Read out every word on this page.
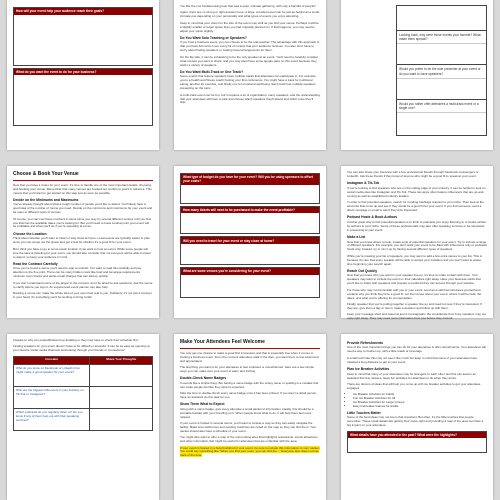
How will your event help your audience reach their goals?
What do you want the event to do for your business?

You like the one fundamental group that was a quiet, intimate gathering, with only a handful of people?

Again, there are no wrong or right answers here. A large, crowded event can be just as helpful as a small, intimate one depending on your personality and what types of events you enjoy attending.

Keep in mind that your vision for the size of the event may shift as you find your venue. Perhaps it will be a slightly smaller or larger space than you had originally planned on. If that happens, you may need to adjust your vision slightly.

Do You Want Solo Teaching or Speakers?

If you host a business event, you can choose to be the solo teacher. The advantage with this approach is that you have full control over every bit of content that your audience receives. You also don't have to worry about finding speakers or making travel arrangements for them.

On the flip side, it can be exhausting to be the only speaker at an event. You'll need to carefully consider what content you want to share, and you may want have some people pass on this event because they prefer a variety of speakers.

Do You Want Multi-Track or One Track?

Some events that feature speakers have multiple tracks that attendees can participate in. For example, you're a health and fitness coach hosting your first conference. You might have a track for nutritional eating, another for exercise, and finally one for emotional well-being. Each track has multiple speakers presenting on the topic.

A multi-track event can be fun, but it requires a lot of organization, many speakers, and the understanding that your attendees will have to pick and choose which speakers they'll attend and which ones they'll skip.

Looking back, why were those events your favorite? What made them special?
Would you prefer to be the sole presenter at your event or do you want to have speakers?
Would you rather offer attendees a multi-track event or a single one?
Choose & Book Your Venue

Now that you have a vision for your event, it's time to handle one of the most important details: choosing and booking your venue. Remember that many venues are booked out months to years in advance. This means that you'll want to get started on this step just as soon as possible.

Decide on the Minimums and Maximums

You've already thought about what a rough number of people you'd like to attend. You'll likely have a good idea of the number of rooms you need. Decide on the minimums and maximums for your event and be open to different types of venues.

Of course, you can't set these numbers in stone since you may try several different venues until you find one that has the available dates you're looking for. But you'll need to know at what point your event will be profitable and what you'll do if you're operating at a loss.

Choose the Location

Think about whether you'll want to travel or stay close at home. Local events are typically easier to plan since you can scope out the space and get a feel for whether it's a good fit for your event.

But I think you have to go to some exotic location if you want to host an event. While some people will love the idea of traveling for your event, you should also consider that not everyone will be able to travel to attend, so keep your audience in mind.

Read the Contract Carefully

Once you've found a venue you'll need to sign a contract. You want to read this carefully and pay attention to the fine print. There can be many hidden costs like food and beverage requirements, minimum room blocks and audio-visual charges that can add up quickly.

If you don't understand some of the jargon in the contract, don't be afraid to ask questions. Ask the venue to clarify before you sign it. An experienced event planner can also help.

Booking a venue can make the whole idea of your event feel real to you. Suddenly, it's not just a concept in your head, it's something you'll be working to bring to life!

What type of budget do you have for your event? Will you be using sponsors to offset your costs?
How many tickets will need to be purchased to make the event profitable?
Will you need to travel for your event or stay close at home?
What are some venues you're considering for your event?

You can also share your interview with a few professional friends through Facebook messengers or LinkedIn. Ask these friends if they know of anyone who might be a good fit to speak at your event.

Instagram & Tik-Tok

If you're looking to find speakers who are on the cutting edge of your industry, it can be helpful to look on social media sites like Instagram and Tik-Tok. These two apps often feature influencers that are up-and-coming as well as established industry leaders.

In order to find potential speakers, search for trending hashtags relevant to your niche. Then look at the accounts that come up and see if they would be a good fit for your event. If you find someone, send a direct message or email to ask if they'd be interested.

Podcast Hosts & Book Authors

Another great way to find potential speakers is to think of podcasts you enjoy listening to or books written by authors in your niche. Some of these professionals may also offer speaking services or be interested in presenting at your event.

Make a List

Now that you know where to look, create a list of potential speakers for your event. Try to include a range of different speakers. For example, you don't want your event to be filled with influencers only or podcasts hosts only. Instead, try to mix it up by having several different types of speakers.

While you're creating your list of speakers, you may want to add a few extra names to your list. This is because it's rare that every speaker will be able to accept your invitation and you won't want to waste time beginning your search again.

Reach Out Quickly

Now that you know who you want in your speaker line-up, it's time to make contact with them. Your speakers may want to include the event on their calendars right away. Have your business cards that you'd like to share with speakers and prepare a media kit they can access through your website.

For those who may not be familiar with you or your event, send an email that introduces yourself and explains why you think they'd be a good fit. Let them know about your event, where it will be held, the dates, and what you're offering for compensation.

Finally, speaker that you're putting together a speaker line up and need to know if they're interested. If they are, give them a day or two to make a decision and follow up with them.

Keep your message short and sweet at just 2-3 paragraphs. Be considerate from busy speakers may not reply right away. They may need more information from you before they commit.

Instead on why you posted/followed up detailing or they may have to check their schedule first.

Finding speakers for your event doesn't have to be difficult or stressful. It can be as easy as opening up your favorite social media channels and looking through your friends or connections!

Consider	Share Your Thoughts
Who do you know on Facebook or LinkedIn that might make a good speaker for your event?	
Who are the biggest influencers in your industry on Tik-Tok or Instagram?	
Which podcasts do you regularly listen to? Do you know if any of them help out with their speaking services?	
Make Your Attendees Feel Welcome

You only get one chance to make a good first impression and that is especially true when it comes to hosting a business event. From the moment attendees walk in the door, you want them to feel welcomed and appreciated.

The last thing you want is for your attendees to feel confused or overwhelmed. Here are a few simple ways you can make sure your event is warm and inviting.

Double-Check Name Badges

It sounds like a simple thing. But having a name badge with the wrong name or spelling is a mistake that can make people feel like they weren't expected.

Take the time to double-check every name badge once it has been printed. If you aren't a detail person, have an assistant do this task for you.

Show Them What to Expect

Along with a name badge, give every attendee a small packet of information. Ideally, this should be a printable booklet with your branding on it. When people know what to do, it will help them feel more relaxed.

If your event is hosted in several rooms, you'll want to include a map so they can easily navigate the facility. Make sure bathrooms and vending machines are noted on the map so they can find them. Your packet should also have a schedule of your event.

You might also want to offer a map of the surrounding area that highlights restaurants, tourist attractions, and other information that might be useful for attendees that are unfamiliar with the area.

If your event is hosted in a hotel building for your event, be sure to include this information in your packet. You could say something like "When you find your room, you can find the..." Everyone also does not lose track of the time.

Provide Refreshments

One of the most important things you can do for your attendees is offer refreshments. Your attendees will need a way to freshen up, with a little snack or beverage.

A small touch like this may not seem like much but keep in mind that some of your attendees have traveled a long distance to get to your event.

Plan Ice Breaker Activities

Keep in mind that many of your attendees may be strangers to each other and this can lead to an awkward first few minutes. Have fun activities for attendees to do when they arrive.

There are dozens of ideas that will help you come up with ice breaker activities to get your attendees engaged.

• Ice Breaker Activities for Adults
• Fun Ice Breaker Activities for All
• Ice Breaker Activities for Large Groups
• Easy Icebreaker Games for Adults
Little Touches Matter

Some of the best ideas may not seem that important. But often, it's the little touches that people remember. These small details like getting their name right and providing a map of the area can have a big impact on your attendees.

What details have you attended in the past? What were the highlights?
